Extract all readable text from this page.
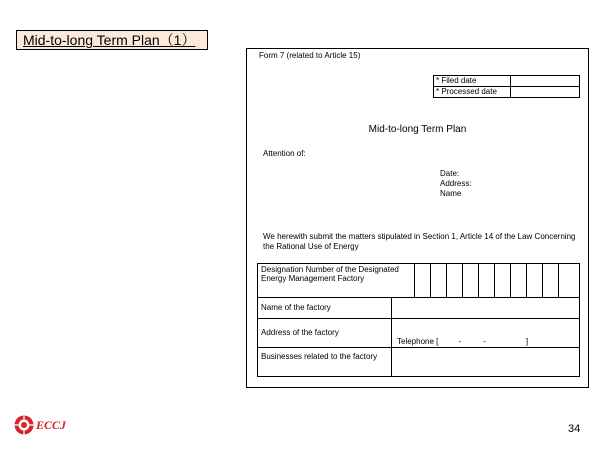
Mid-to-long Term Plan（1）
Form 7 (related to Article 15)
* Filed date	
* Processed date	
Mid-to-long Term Plan
Attention of:
Date:
Address:
Name
We herewith submit the matters stipulated in Section 1, Article 14 of the Law Concerning the Rational Use of Energy
Designation Number of the Designated Energy Management Factory
Name of the factory
Address of the factory
Telephone [         -          -                  ]
Businesses related to the factory
ECCJ	34
